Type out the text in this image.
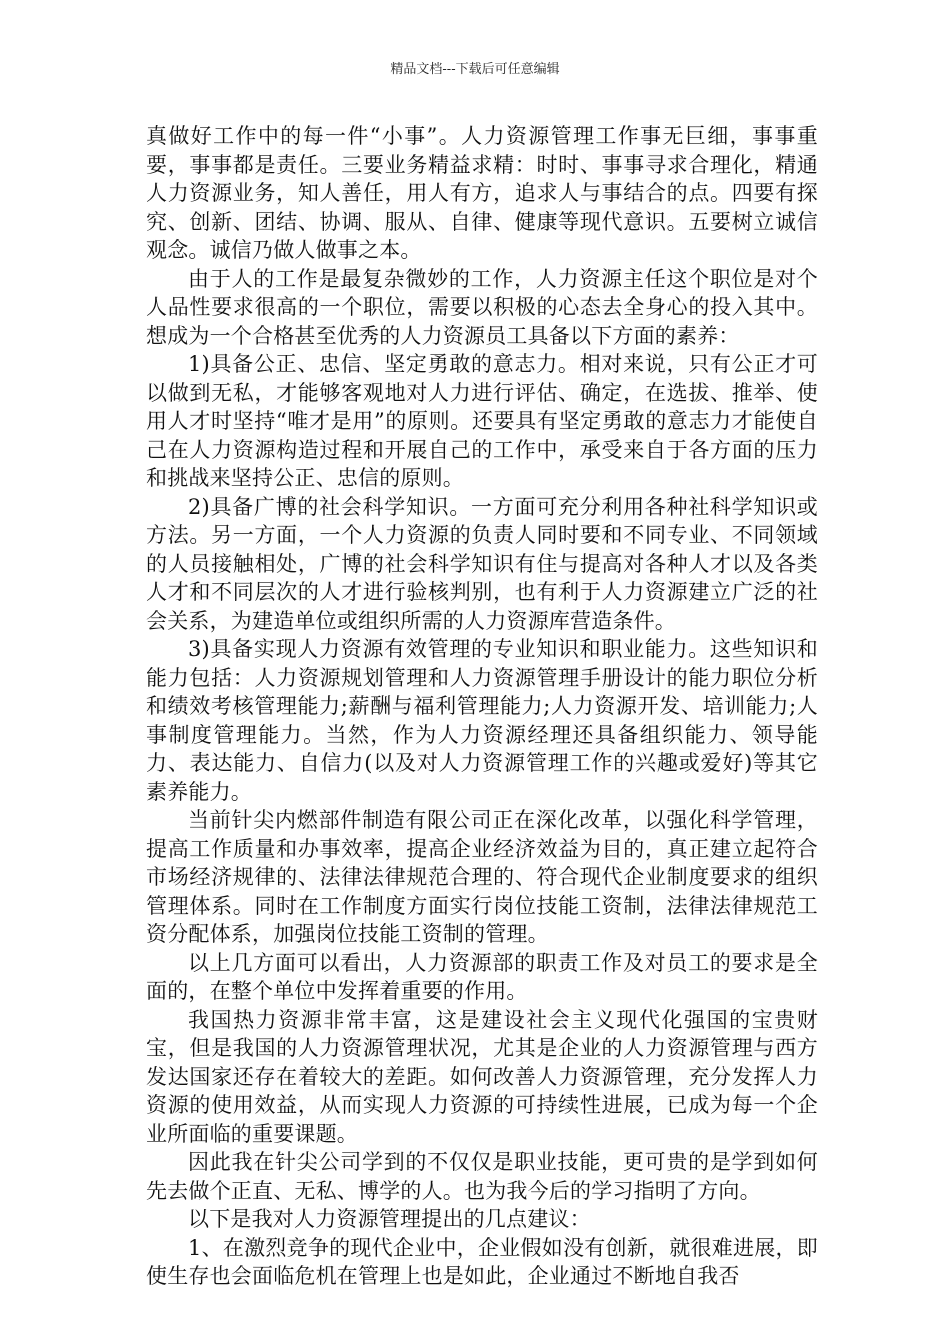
精品文档---下载后可任意编辑

真做好工作中的每一件“小事”。人力资源管理工作事无巨细，事事重要，事事都是责任。三要业务精益求精：时时、事事寻求合理化，精通人力资源业务，知人善任，用人有方，追求人与事结合的点。四要有探究、创新、团结、协调、服从、自律、健康等现代意识。五要树立诚信观念。诚信乃做人做事之本。

由于人的工作是最复杂微妙的工作，人力资源主任这个职位是对个人品性要求很高的一个职位，需要以积极的心态去全身心的投入其中。想成为一个合格甚至优秀的人力资源员工具备以下方面的素养：

1)具备公正、忠信、坚定勇敢的意志力。相对来说，只有公正才可以做到无私，才能够客观地对人力进行评估、确定，在选拔、推举、使用人才时坚持“唯才是用”的原则。还要具有坚定勇敢的意志力才能使自己在人力资源构造过程和开展自己的工作中，承受来自于各方面的压力和挑战来坚持公正、忠信的原则。

2)具备广博的社会科学知识。一方面可充分利用各种社科学知识或方法。另一方面，一个人力资源的负责人同时要和不同专业、不同领域的人员接触相处，广博的社会科学知识有住与提高对各种人才以及各类人才和不同层次的人才进行验核判别，也有利于人力资源建立广泛的社会关系，为建造单位或组织所需的人力资源库营造条件。

3)具备实现人力资源有效管理的专业知识和职业能力。这些知识和能力包括：人力资源规划管理和人力资源管理手册设计的能力职位分析和绩效考核管理能力;薪酬与福利管理能力;人力资源开发、培训能力;人事制度管理能力。当然，作为人力资源经理还具备组织能力、领导能力、表达能力、自信力(以及对人力资源管理工作的兴趣或爱好)等其它素养能力。

当前针尖内燃部件制造有限公司正在深化改革，以强化科学管理，提高工作质量和办事效率，提高企业经济效益为目的，真正建立起符合市场经济规律的、法律法律规范合理的、符合现代企业制度要求的组织管理体系。同时在工作制度方面实行岗位技能工资制，法律法律规范工资分配体系，加强岗位技能工资制的管理。

以上几方面可以看出，人力资源部的职责工作及对员工的要求是全面的，在整个单位中发挥着重要的作用。

我国热力资源非常丰富，这是建设社会主义现代化强国的宝贵财宝，但是我国的人力资源管理状况，尤其是企业的人力资源管理与西方发达国家还存在着较大的差距。如何改善人力资源管理，充分发挥人力资源的使用效益，从而实现人力资源的可持续性进展，已成为每一个企业所面临的重要课题。

因此我在针尖公司学到的不仅仅是职业技能，更可贵的是学到如何先去做个正直、无私、博学的人。也为我今后的学习指明了方向。

以下是我对人力资源管理提出的几点建议：

1、在激烈竞争的现代企业中，企业假如没有创新，就很难进展，即使生存也会面临危机在管理上也是如此，企业通过不断地自我否
